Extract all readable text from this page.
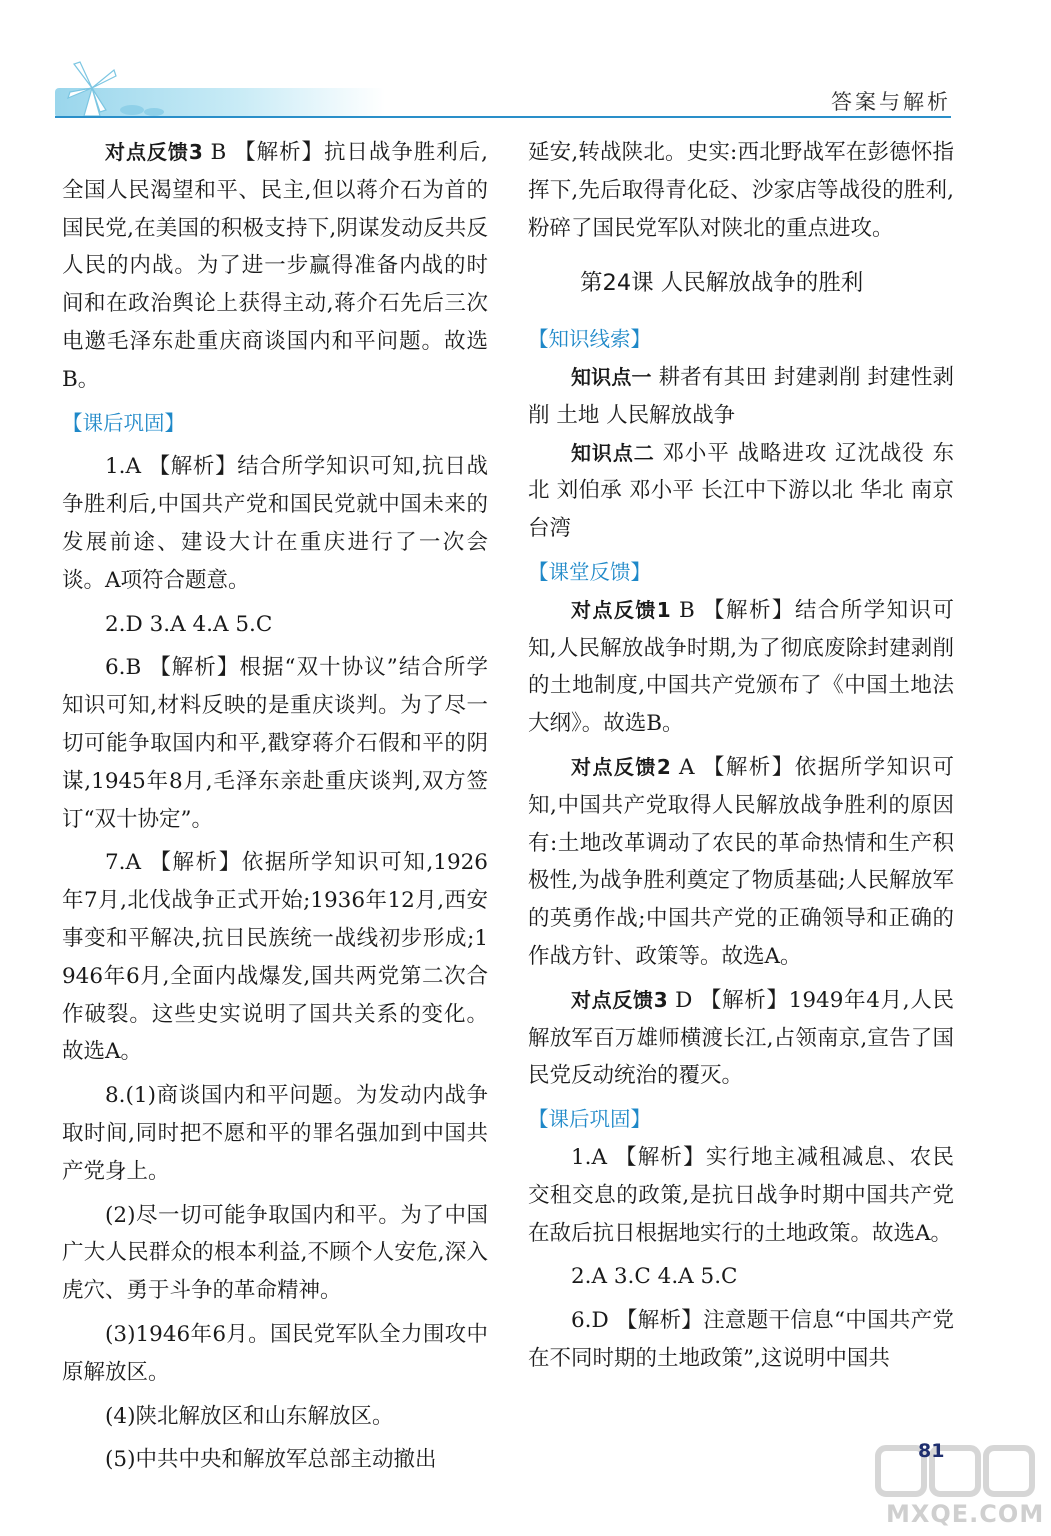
答案与解析

对点反馈3 B 【解析】抗日战争胜利后,全国人民渴望和平、民主,但以蒋介石为首的国民党,在美国的积极支持下,阴谋发动反共反人民的内战。为了进一步赢得准备内战的时间和在政治舆论上获得主动,蒋介石先后三次电邀毛泽东赴重庆商谈国内和平问题。故选B。

【课后巩固】

1.A 【解析】结合所学知识可知,抗日战争胜利后,中国共产党和国民党就中国未来的发展前途、建设大计在重庆进行了一次会谈。A项符合题意。

2.D 3.A 4.A 5.C

6.B 【解析】根据“双十协议”结合所学知识可知,材料反映的是重庆谈判。为了尽一切可能争取国内和平,戳穿蒋介石假和平的阴谋,1945年8月,毛泽东亲赴重庆谈判,双方签订“双十协定”。

7.A 【解析】依据所学知识可知,1926年7月,北伐战争正式开始;1936年12月,西安事变和平解决,抗日民族统一战线初步形成;1946年6月,全面内战爆发,国共两党第二次合作破裂。这些史实说明了国共关系的变化。故选A。

8.(1)商谈国内和平问题。为发动内战争取时间,同时把不愿和平的罪名强加到中国共产党身上。

(2)尽一切可能争取国内和平。为了中国广大人民群众的根本利益,不顾个人安危,深入虎穴、勇于斗争的革命精神。

(3)1946年6月。国民党军队全力围攻中原解放区。

(4)陕北解放区和山东解放区。

(5)中共中央和解放军总部主动撤出

延安,转战陕北。史实:西北野战军在彭德怀指挥下,先后取得青化砭、沙家店等战役的胜利,粉碎了国民党军队对陕北的重点进攻。

第24课 人民解放战争的胜利
【知识线索】

知识点一 耕者有其田 封建剥削 封建性剥削 土地 人民解放战争

知识点二 邓小平 战略进攻 辽沈战役 东北 刘伯承 邓小平 长江中下游以北 华北 南京 台湾

【课堂反馈】

对点反馈1 B 【解析】结合所学知识可知,人民解放战争时期,为了彻底废除封建剥削的土地制度,中国共产党颁布了《中国土地法大纲》。故选B。

对点反馈2 A 【解析】依据所学知识可知,中国共产党取得人民解放战争胜利的原因有:土地改革调动了农民的革命热情和生产积极性,为战争胜利奠定了物质基础;人民解放军的英勇作战;中国共产党的正确领导和正确的作战方针、政策等。故选A。

对点反馈3 D 【解析】1949年4月,人民解放军百万雄师横渡长江,占领南京,宣告了国民党反动统治的覆灭。

【课后巩固】

1.A 【解析】实行地主减租减息、农民交租交息的政策,是抗日战争时期中国共产党在敌后抗日根据地实行的土地政策。故选A。

2.A 3.C 4.A 5.C

6.D 【解析】注意题干信息“中国共产党在不同时期的土地政策”,这说明中国共

81
MXQE.COM
